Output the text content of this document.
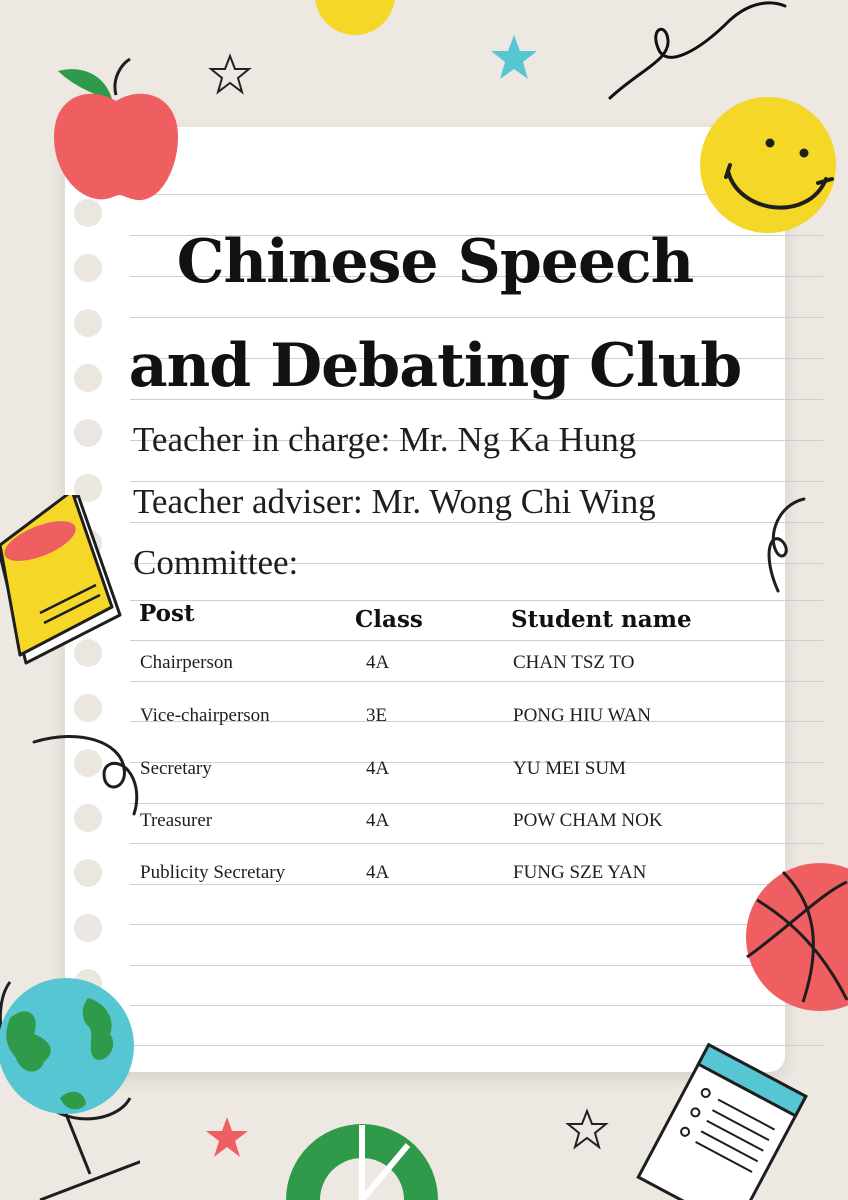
Chinese Speech
and Debating Club

Teacher in charge: Mr. Ng Ka Hung

Teacher adviser: Mr. Wong Chi Wing

Committee:

Post	Class	Student name
Chairperson	4A	CHAN TSZ TO
Vice-chairperson	3E	PONG HIU WAN
Secretary	4A	YU MEI SUM
Treasurer	4A	POW CHAM NOK
Publicity Secretary	4A	FUNG SZE YAN
